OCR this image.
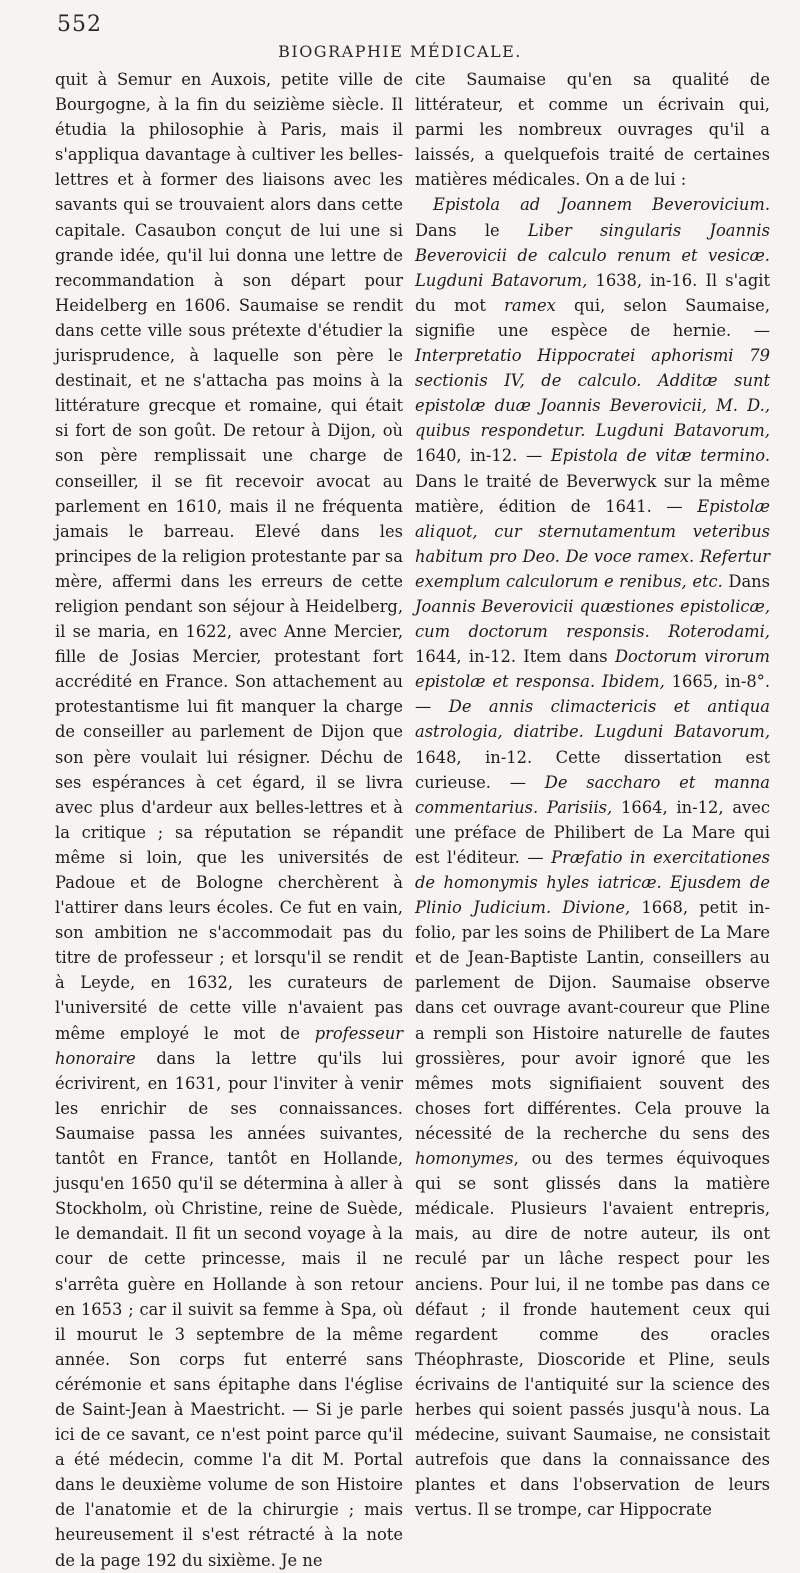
552
BIOGRAPHIE MÉDICALE.

quit à Semur en Auxois, petite ville de Bourgogne, à la fin du seizième siècle. Il étudia la philosophie à Paris, mais il s'appliqua davantage à cultiver les belles-lettres et à former des liaisons avec les savants qui se trouvaient alors dans cette capitale. Casaubon conçut de lui une si grande idée, qu'il lui donna une lettre de recommandation à son départ pour Heidelberg en 1606. Saumaise se rendit dans cette ville sous prétexte d'étudier la jurisprudence, à laquelle son père le destinait, et ne s'attacha pas moins à la littérature grecque et romaine, qui était si fort de son goût. De retour à Dijon, où son père remplissait une charge de conseiller, il se fit recevoir avocat au parlement en 1610, mais il ne fréquenta jamais le barreau. Elevé dans les principes de la religion protestante par sa mère, affermi dans les erreurs de cette religion pendant son séjour à Heidelberg, il se maria, en 1622, avec Anne Mercier, fille de Josias Mercier, protestant fort accrédité en France. Son attachement au protestantisme lui fit manquer la charge de conseiller au parlement de Dijon que son père voulait lui résigner. Déchu de ses espérances à cet égard, il se livra avec plus d'ardeur aux belles-lettres et à la critique ; sa réputation se répandit même si loin, que les universités de Padoue et de Bologne cherchèrent à l'attirer dans leurs écoles. Ce fut en vain, son ambition ne s'accommodait pas du titre de professeur ; et lorsqu'il se rendit à Leyde, en 1632, les curateurs de l'université de cette ville n'avaient pas même employé le mot de professeur honoraire dans la lettre qu'ils lui écrivirent, en 1631, pour l'inviter à venir les enrichir de ses connaissances. Saumaise passa les années suivantes, tantôt en France, tantôt en Hollande, jusqu'en 1650 qu'il se détermina à aller à Stockholm, où Christine, reine de Suède, le demandait. Il fit un second voyage à la cour de cette princesse, mais il ne s'arrêta guère en Hollande à son retour en 1653 ; car il suivit sa femme à Spa, où il mourut le 3 septembre de la même année. Son corps fut enterré sans cérémonie et sans épitaphe dans l'église de Saint-Jean à Maestricht. — Si je parle ici de ce savant, ce n'est point parce qu'il a été médecin, comme l'a dit M. Portal dans le deuxième volume de son Histoire de l'anatomie et de la chirurgie ; mais heureusement il s'est rétracté à la note de la page 192 du sixième. Je ne

cite Saumaise qu'en sa qualité de littérateur, et comme un écrivain qui, parmi les nombreux ouvrages qu'il a laissés, a quelquefois traité de certaines matières médicales. On a de lui :

Epistola ad Joannem Beverovicium. Dans le Liber singularis Joannis Beverovicii de calculo renum et vesicæ. Lugduni Batavorum, 1638, in-16. Il s'agit du mot ramex qui, selon Saumaise, signifie une espèce de hernie. — Interpretatio Hippocratei aphorismi 79 sectionis IV, de calculo. Additæ sunt epistolæ duæ Joannis Beverovicii, M. D., quibus respondetur. Lugduni Batavorum, 1640, in-12. — Epistola de vitæ termino. Dans le traité de Beverwyck sur la même matière, édition de 1641. — Epistolæ aliquot, cur sternutamentum veteribus habitum pro Deo. De voce ramex. Refertur exemplum calculorum e renibus, etc. Dans Joannis Beverovicii quæstiones epistolicæ, cum doctorum responsis. Roterodami, 1644, in-12. Item dans Doctorum virorum epistolæ et responsa. Ibidem, 1665, in-8°. — De annis climactericis et antiqua astrologia, diatribe. Lugduni Batavorum, 1648, in-12. Cette dissertation est curieuse. — De saccharo et manna commentarius. Parisiis, 1664, in-12, avec une préface de Philibert de La Mare qui est l'éditeur. — Præfatio in exercitationes de homonymis hyles iatricæ. Ejusdem de Plinio Judicium. Divione, 1668, petit in-folio, par les soins de Philibert de La Mare et de Jean-Baptiste Lantin, conseillers au parlement de Dijon. Saumaise observe dans cet ouvrage avant-coureur que Pline a rempli son Histoire naturelle de fautes grossières, pour avoir ignoré que les mêmes mots signifiaient souvent des choses fort différentes. Cela prouve la nécessité de la recherche du sens des homonymes, ou des termes équivoques qui se sont glissés dans la matière médicale. Plusieurs l'avaient entrepris, mais, au dire de notre auteur, ils ont reculé par un lâche respect pour les anciens. Pour lui, il ne tombe pas dans ce défaut ; il fronde hautement ceux qui regardent comme des oracles Théophraste, Dioscoride et Pline, seuls écrivains de l'antiquité sur la science des herbes qui soient passés jusqu'à nous. La médecine, suivant Saumaise, ne consistait autrefois que dans la connaissance des plantes et dans l'observation de leurs vertus. Il se trompe, car Hippocrate
